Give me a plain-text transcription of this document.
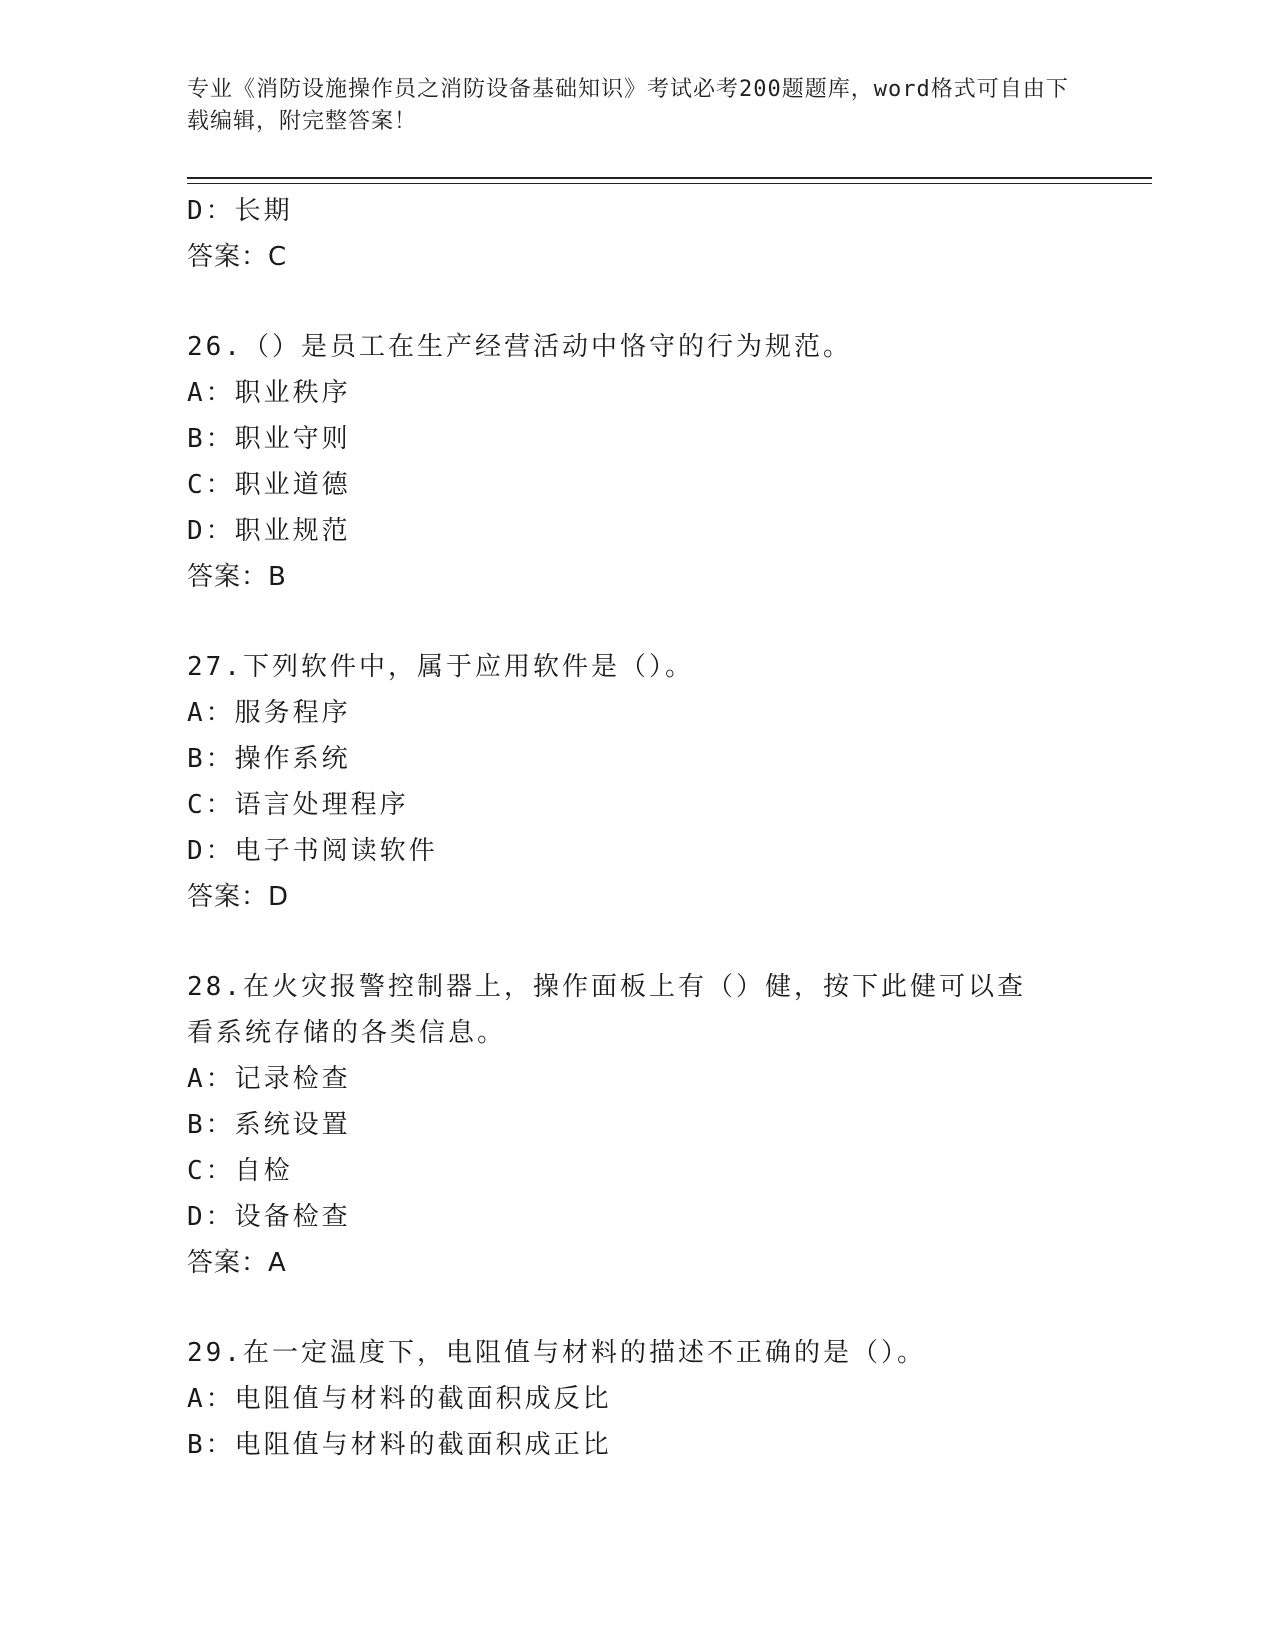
专业《消防设施操作员之消防设备基础知识》考试必考200题题库，word格式可自由下载编辑，附完整答案！
D：长期
答案：C
26.（）是员工在生产经营活动中恪守的行为规范。
A：职业秩序
B：职业守则
C：职业道德
D：职业规范
答案：B
27.下列软件中，属于应用软件是（）。
A：服务程序
B：操作系统
C：语言处理程序
D：电子书阅读软件
答案：D
28.在火灾报警控制器上，操作面板上有（）健，按下此健可以查看系统存储的各类信息。
A：记录检查
B：系统设置
C：自检
D：设备检查
答案：A
29.在一定温度下，电阻值与材料的描述不正确的是（）。
A：电阻值与材料的截面积成反比
B：电阻值与材料的截面积成正比
